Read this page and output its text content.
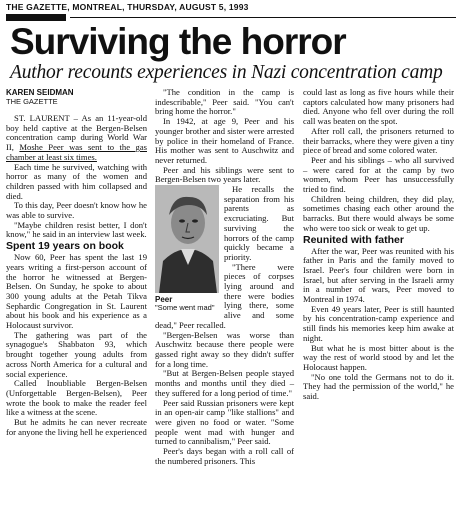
THE GAZETTE, MONTREAL, THURSDAY, AUGUST 5, 1993
Surviving the horror
Author recounts experiences in Nazi concentration camp
KAREN SEIDMAN
THE GAZETTE

ST. LAURENT – As an 11-year-old boy held captive at the Bergen-Belsen concentration camp during World War II, Moshe Peer was sent to the gas chamber at least six times.

Each time he survived, watching with horror as many of the women and children passed with him collapsed and died.

To this day, Peer doesn't know how he was able to survive.

"Maybe children resist better, I don't know," he said in an interview last week.

Spent 19 years on book

Now 60, Peer has spent the last 19 years writing a first-person account of the horror he witnessed at Bergen-Belsen. On Sunday, he spoke to about 300 young adults at the Petah Tikva Sephardic Congregation in St. Laurent about his book and his experience as a Holocaust survivor.

The gathering was part of the synagogue's Shabbaton 93, which brought together young adults from across North America for a cultural and social experience.

Called Inoubliable Bergen-Belsen (Unforgettable Bergen-Belsen), Peer wrote the book to make the reader feel like a witness at the scene.

But he admits he can never recreate for anyone the living hell he experienced

"The condition in the camp is indescribable," Peer said. "You can't bring home the horror."

In 1942, at age 9, Peer and his younger brother and sister were arrested by police in their homeland of France. His mother was sent to Auschwitz and never returned.

Peer and his siblings were sent to Bergen-Belsen two years later.

Peer
"Some went mad"

He recalls the separation from his parents as excruciating. But surviving the horrors of the camp quickly became a priority.

"There were pieces of corpses lying around and there were bodies lying there, some alive and some dead," Peer recalled.

"Bergen-Belsen was worse than Auschwitz because there people were gassed right away so they didn't suffer for a long time.

"But at Bergen-Belsen people stayed months and months until they died – they suffered for a long period of time."

Peer said Russian prisoners were kept in an open-air camp "like stallions" and were given no food or water. "Some people went mad with hunger and turned to cannibalism," Peer said.

Peer's days began with a roll call of the numbered prisoners. This

could last as long as five hours while their captors calculated how many prisoners had died. Anyone who fell over during the roll call was beaten on the spot.

After roll call, the prisoners returned to their barracks, where they were given a tiny piece of bread and some colored water.

Peer and his siblings – who all survived – were cared for at the camp by two women, whom Peer has unsuccessfully tried to find.

Children being children, they did play, sometimes chasing each other around the barracks. But there would always be some who were too sick or weak to get up.

Reunited with father

After the war, Peer was reunited with his father in Paris and the family moved to Israel. Peer's four children were born in Israel, but after serving in the Israeli army in a number of wars, Peer moved to Montreal in 1974.

Even 49 years later, Peer is still haunted by his concentration-camp experience and still finds his memories keep him awake at night.

But what he is most bitter about is the way the rest of world stood by and let the Holocaust happen.

"No one told the Germans not to do it. They had the permission of the world," he said.
